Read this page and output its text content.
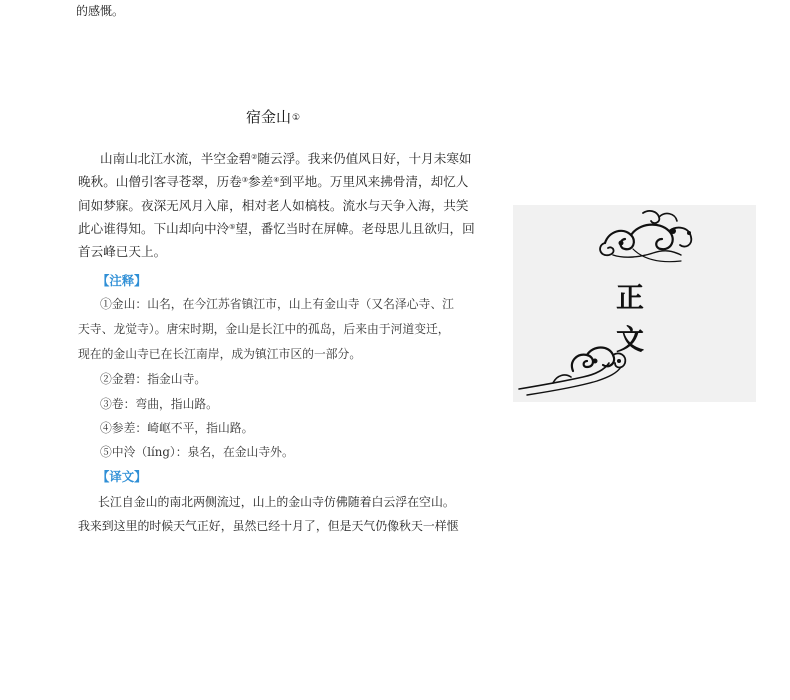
的感慨。
宿金山①
山南山北江水流，半空金碧②随云浮。我来仍值风日好，十月未寒如晚秋。山僧引客寻苍翠，历卷③参差④到平地。万里风来拂骨清，却忆人间如梦寐。夜深无风月入扉，相对老人如槁枝。流水与天争入海，共笑此心谁得知。下山却向中泠⑤望，番忆当时在屏幃。老母思儿且欲归，回首云峰已天上。
【注释】
①金山：山名，在今江苏省镇江市，山上有金山寺（又名泽心寺、江
天寺、龙觉寺）。唐宋时期，金山是长江中的孤岛，后来由于河道变迁，
现在的金山寺已在长江南岸，成为镇江市区的一部分。
②金碧：指金山寺。
③卷：弯曲，指山路。
④参差：崎岖不平，指山路。
⑤中泠（líng）：泉名，在金山寺外。
【译文】
长江自金山的南北两侧流过，山上的金山寺仿佛随着白云浮在空山。
我来到这里的时候天气正好，虽然已经十月了，但是天气仍像秋天一样惬
正
文
